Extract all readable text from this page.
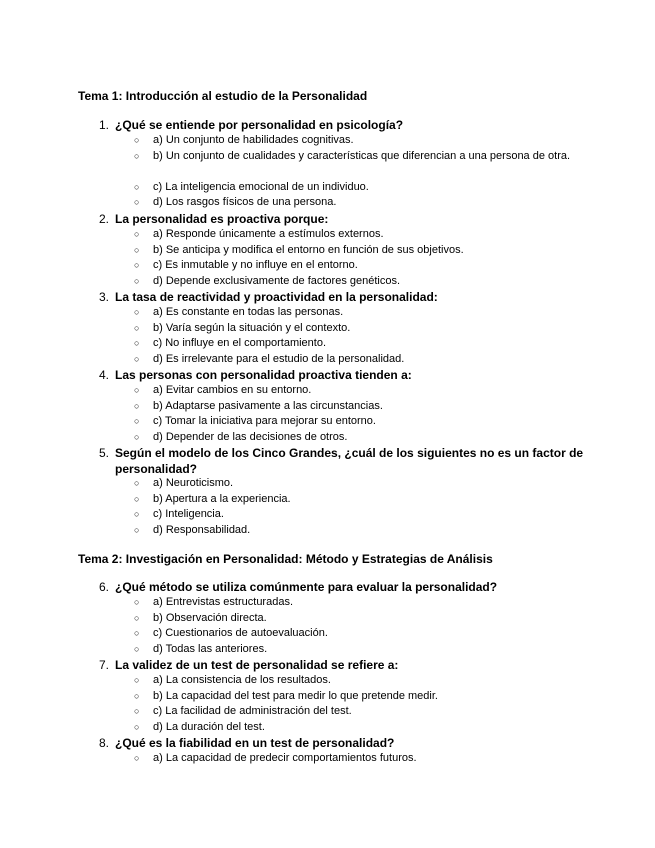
Tema 1: Introducción al estudio de la Personalidad
1. ¿Qué se entiende por personalidad en psicología?
○	a) Un conjunto de habilidades cognitivas.
○	b) Un conjunto de cualidades y características que diferencian a una persona de otra.
○	c) La inteligencia emocional de un individuo.
○	d) Los rasgos físicos de una persona.
2. La personalidad es proactiva porque:
○	a) Responde únicamente a estímulos externos.
○	b) Se anticipa y modifica el entorno en función de sus objetivos.
○	c) Es inmutable y no influye en el entorno.
○	d) Depende exclusivamente de factores genéticos.
3. La tasa de reactividad y proactividad en la personalidad:
○	a) Es constante en todas las personas.
○	b) Varía según la situación y el contexto.
○	c) No influye en el comportamiento.
○	d) Es irrelevante para el estudio de la personalidad.
4. Las personas con personalidad proactiva tienden a:
○	a) Evitar cambios en su entorno.
○	b) Adaptarse pasivamente a las circunstancias.
○	c) Tomar la iniciativa para mejorar su entorno.
○	d) Depender de las decisiones de otros.
5. Según el modelo de los Cinco Grandes, ¿cuál de los siguientes no es un factor de personalidad?
○	a) Neuroticismo.
○	b) Apertura a la experiencia.
○	c) Inteligencia.
○	d) Responsabilidad.
Tema 2: Investigación en Personalidad: Método y Estrategias de Análisis
6. ¿Qué método se utiliza comúnmente para evaluar la personalidad?
○	a) Entrevistas estructuradas.
○	b) Observación directa.
○	c) Cuestionarios de autoevaluación.
○	d) Todas las anteriores.
7. La validez de un test de personalidad se refiere a:
○	a) La consistencia de los resultados.
○	b) La capacidad del test para medir lo que pretende medir.
○	c) La facilidad de administración del test.
○	d) La duración del test.
8. ¿Qué es la fiabilidad en un test de personalidad?
○	a) La capacidad de predecir comportamientos futuros.
